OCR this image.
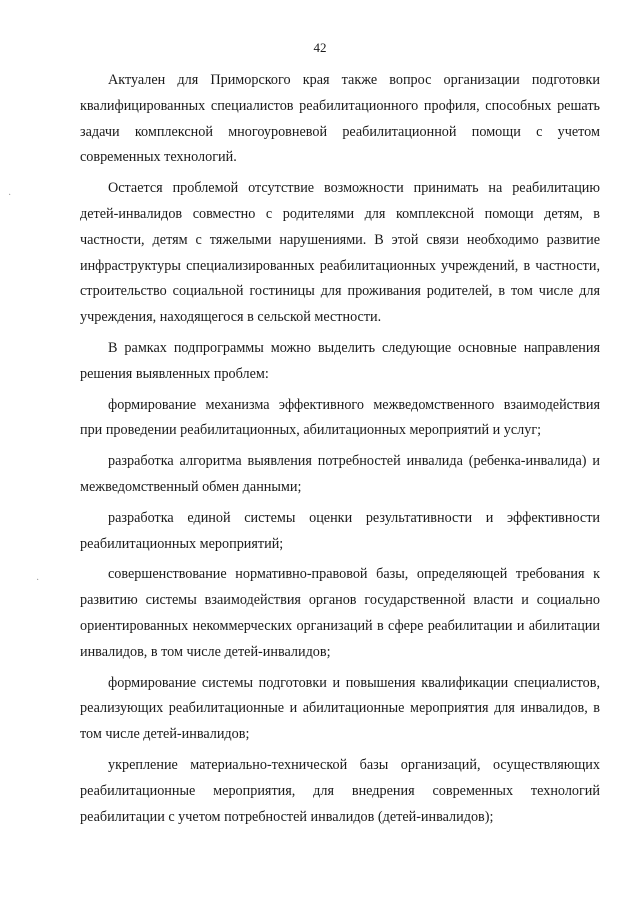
42
·
·

Актуален для Приморского края также вопрос организации подготовки квалифицированных специалистов реабилитационного профиля, способных решать задачи комплексной многоуровневой реабилитационной помощи с учетом современных технологий.

Остается проблемой отсутствие возможности принимать на реабилитацию детей-инвалидов совместно с родителями для комплексной помощи детям, в частности, детям с тяжелыми нарушениями. В этой связи необходимо развитие инфраструктуры специализированных реабилитационных учреждений, в частности, строительство социальной гостиницы для проживания родителей, в том числе для учреждения, находящегося в сельской местности.

В рамках подпрограммы можно выделить следующие основные направления решения выявленных проблем:

формирование механизма эффективного межведомственного взаимодействия при проведении реабилитационных, абилитационных мероприятий и услуг;

разработка алгоритма выявления потребностей инвалида (ребенка-инвалида) и межведомственный обмен данными;

разработка единой системы оценки результативности и эффективности реабилитационных мероприятий;

совершенствование нормативно-правовой базы, определяющей требования к развитию системы взаимодействия органов государственной власти и социально ориентированных некоммерческих организаций в сфере реабилитации и абилитации инвалидов, в том числе детей-инвалидов;

формирование системы подготовки и повышения квалификации специалистов, реализующих реабилитационные и абилитационные мероприятия для инвалидов, в том числе детей-инвалидов;

укрепление материально-технической базы организаций, осуществляющих реабилитационные мероприятия, для внедрения современных технологий реабилитации с учетом потребностей инвалидов (детей-инвалидов);
